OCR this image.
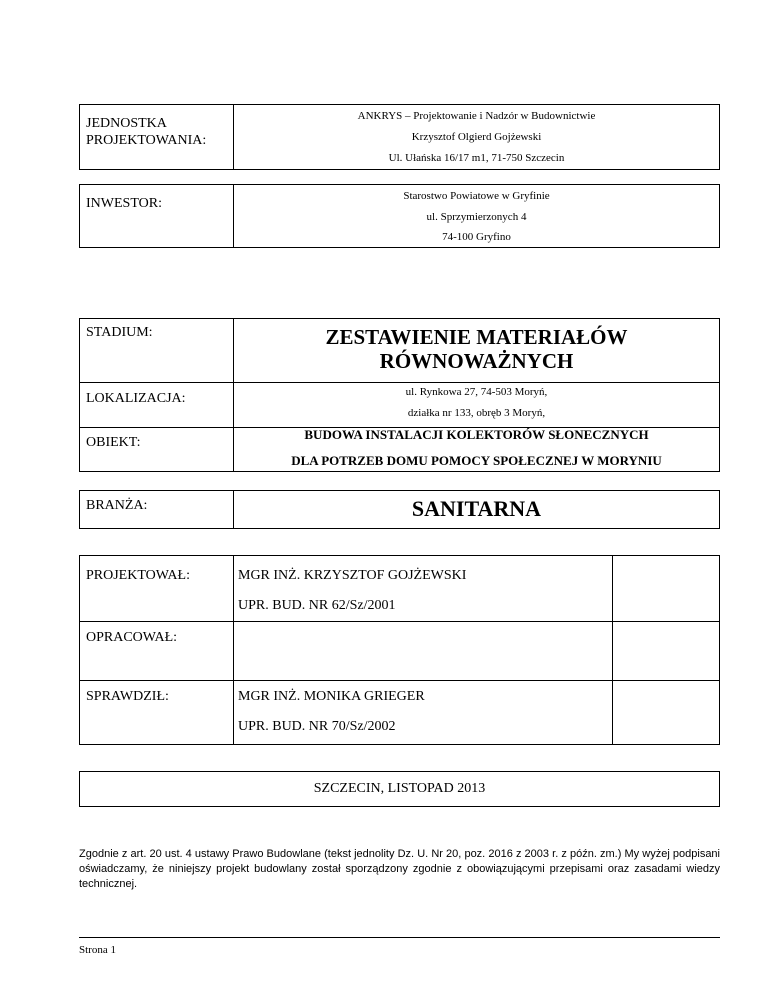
JEDNOSTKA
PROJEKTOWANIA:
ANKRYS – Projektowanie i Nadzór w Budownictwie
Krzysztof Olgierd Gojżewski
Ul. Ułańska 16/17 m1, 71-750 Szczecin
INWESTOR:	Starostwo Powiatowe w Gryfinie
ul. Sprzymierzonych 4
74-100 Gryfino
STADIUM:	ZESTAWIENIE MATERIAŁÓW
RÓWNOWAŻNYCH
LOKALIZACJA:	ul. Rynkowa 27, 74-503 Moryń,
działka nr 133, obręb 3 Moryń,
OBIEKT:
BUDOWA INSTALACJI KOLEKTORÓW SŁONECZNYCH
DLA POTRZEB DOMU POMOCY SPOŁECZNEJ W MORYNIU
BRANŻA:	SANITARNA
PROJEKTOWAŁ:	MGR INŻ. KRZYSZTOF GOJŻEWSKI
UPR. BUD. NR 62/Sz/2001
OPRACOWAŁ:
SPRAWDZIŁ:	MGR INŻ. MONIKA GRIEGER
UPR. BUD. NR 70/Sz/2002
SZCZECIN, LISTOPAD 2013
Zgodnie z art. 20 ust. 4 ustawy Prawo Budowlane (tekst jednolity Dz. U. Nr 20, poz. 2016 z 2003 r. z późn. zm.) My wyżej podpisani oświadczamy, że niniejszy projekt budowlany został sporządzony zgodnie z obowiązującymi przepisami oraz zasadami wiedzy technicznej.
Strona 1
